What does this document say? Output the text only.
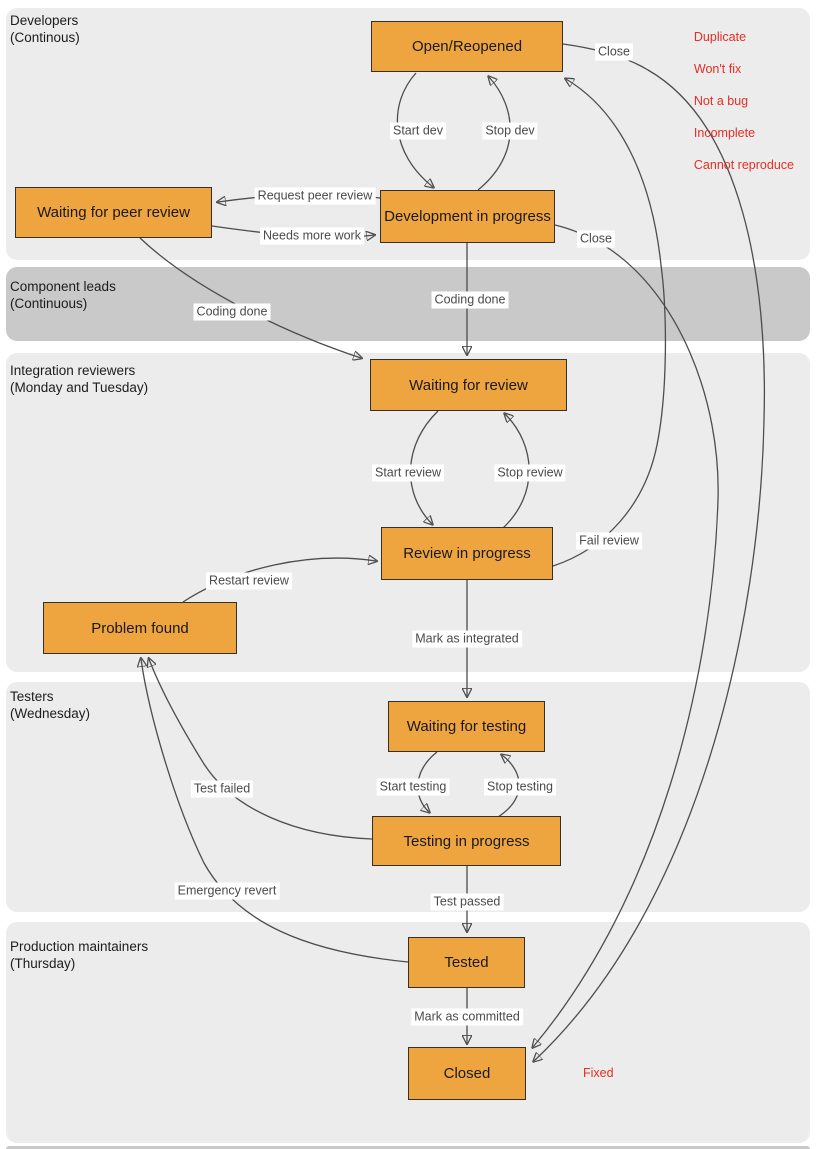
Developers
(Continous)
Component leads
(Continuous)
Integration reviewers
(Monday and Tuesday)
Testers
(Wednesday)
Production maintainers
(Thursday)
Open/Reopened
Waiting for peer review	Development in progress
Waiting for review
Review in progress
Problem found
Waiting for testing
Testing in progress
Tested
Closed
Start dev	Stop dev
Request peer review
Needs more work
Close
Close
Coding done
Coding done
Start review	Stop review
Fail review
Restart review
Mark as integrated
Start testing	Stop testing
Test failed
Emergency revert
Test passed
Mark as committed

Duplicate

Won't fix

Not a bug

Incomplete

Cannot reproduce

Fixed
